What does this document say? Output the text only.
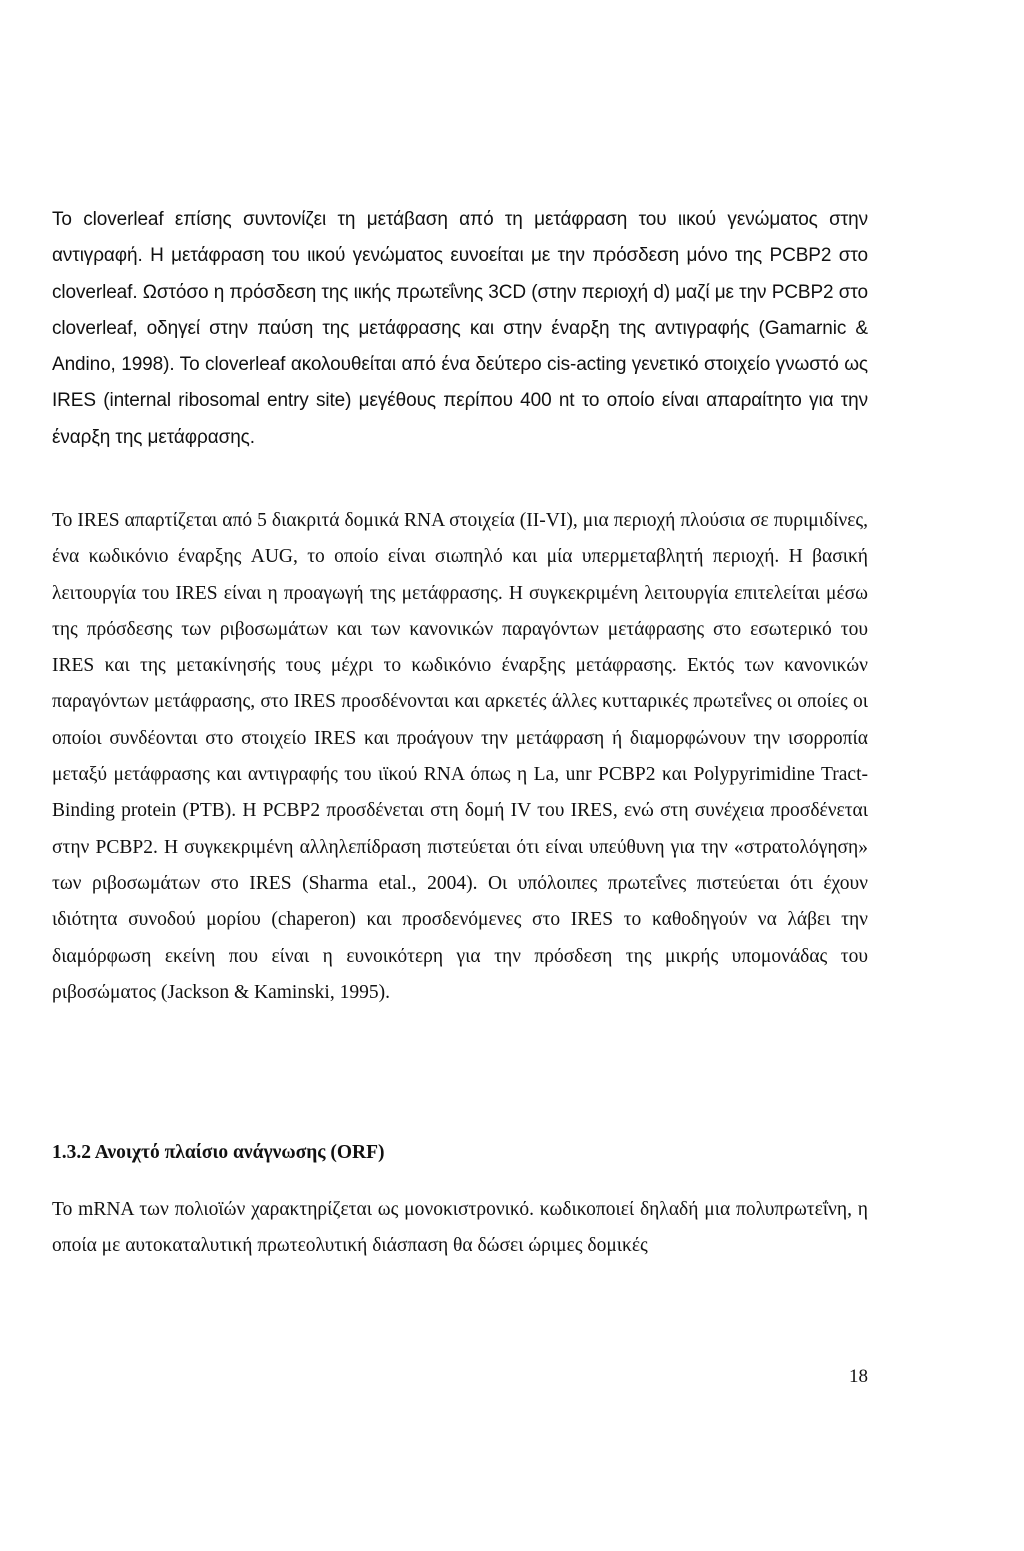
Το cloverleaf επίσης συντονίζει τη μετάβαση από τη μετάφραση του ιικού γενώματος στην αντιγραφή. Η μετάφραση του ιικού γενώματος ευνοείται με την πρόσδεση μόνο της PCBP2 στο cloverleaf. Ωστόσο η πρόσδεση της ιικής πρωτεΐνης 3CD (στην περιοχή d) μαζί με την PCBP2 στο cloverleaf, οδηγεί στην παύση της μετάφρασης και στην έναρξη της αντιγραφής (Gamarnic & Andino, 1998). Το cloverleaf ακολουθείται από ένα δεύτερο cis-acting γενετικό στοιχείο γνωστό ως IRES (internal ribosomal entry site) μεγέθους περίπου 400 nt το οποίο είναι απαραίτητο για την έναρξη της μετάφρασης.

Το IRES απαρτίζεται από 5 διακριτά δομικά RNA στοιχεία (II-VI), μια περιοχή πλούσια σε πυριμιδίνες, ένα κωδικόνιο έναρξης AUG, το οποίο είναι σιωπηλό και μία υπερμεταβλητή περιοχή. Η βασική λειτουργία του IRES είναι η προαγωγή της μετάφρασης. Η συγκεκριμένη λειτουργία επιτελείται μέσω της πρόσδεσης των ριβοσωμάτων και των κανονικών παραγόντων μετάφρασης στο εσωτερικό του IRES και της μετακίνησής τους μέχρι το κωδικόνιο έναρξης μετάφρασης. Εκτός των κανονικών παραγόντων μετάφρασης, στο IRES προσδένονται και αρκετές άλλες κυτταρικές πρωτεΐνες οι οποίες οι οποίοι συνδέονται στο στοιχείο IRES και προάγουν την μετάφραση ή διαμορφώνουν την ισορροπία μεταξύ μετάφρασης και αντιγραφής του ιϊκού RNA όπως η La, unr PCBP2 και Polypyrimidine Tract-Binding protein (PTB). Η PCBP2 προσδένεται στη δομή IV του IRES, ενώ στη συνέχεια προσδένεται στην PCBP2. Η συγκεκριμένη αλληλεπίδραση πιστεύεται ότι είναι υπεύθυνη για την «στρατολόγηση» των ριβοσωμάτων στο IRES (Sharma etal., 2004). Οι υπόλοιπες πρωτεΐνες πιστεύεται ότι έχουν ιδιότητα συνοδού μορίου (chaperon) και προσδενόμενες στο IRES το καθοδηγούν να λάβει την διαμόρφωση εκείνη που είναι η ευνοικότερη για την πρόσδεση της μικρής υπομονάδας του ριβοσώματος (Jackson & Kaminski, 1995).

1.3.2 Ανοιχτό πλαίσιο ανάγνωσης (ORF)

Το mRNA των πολιοϊών χαρακτηρίζεται ως μονοκιστρονικό. κωδικοποιεί δηλαδή μια πολυπρωτεΐνη, η οποία με αυτοκαταλυτική πρωτεολυτική διάσπαση θα δώσει ώριμες δομικές

18
